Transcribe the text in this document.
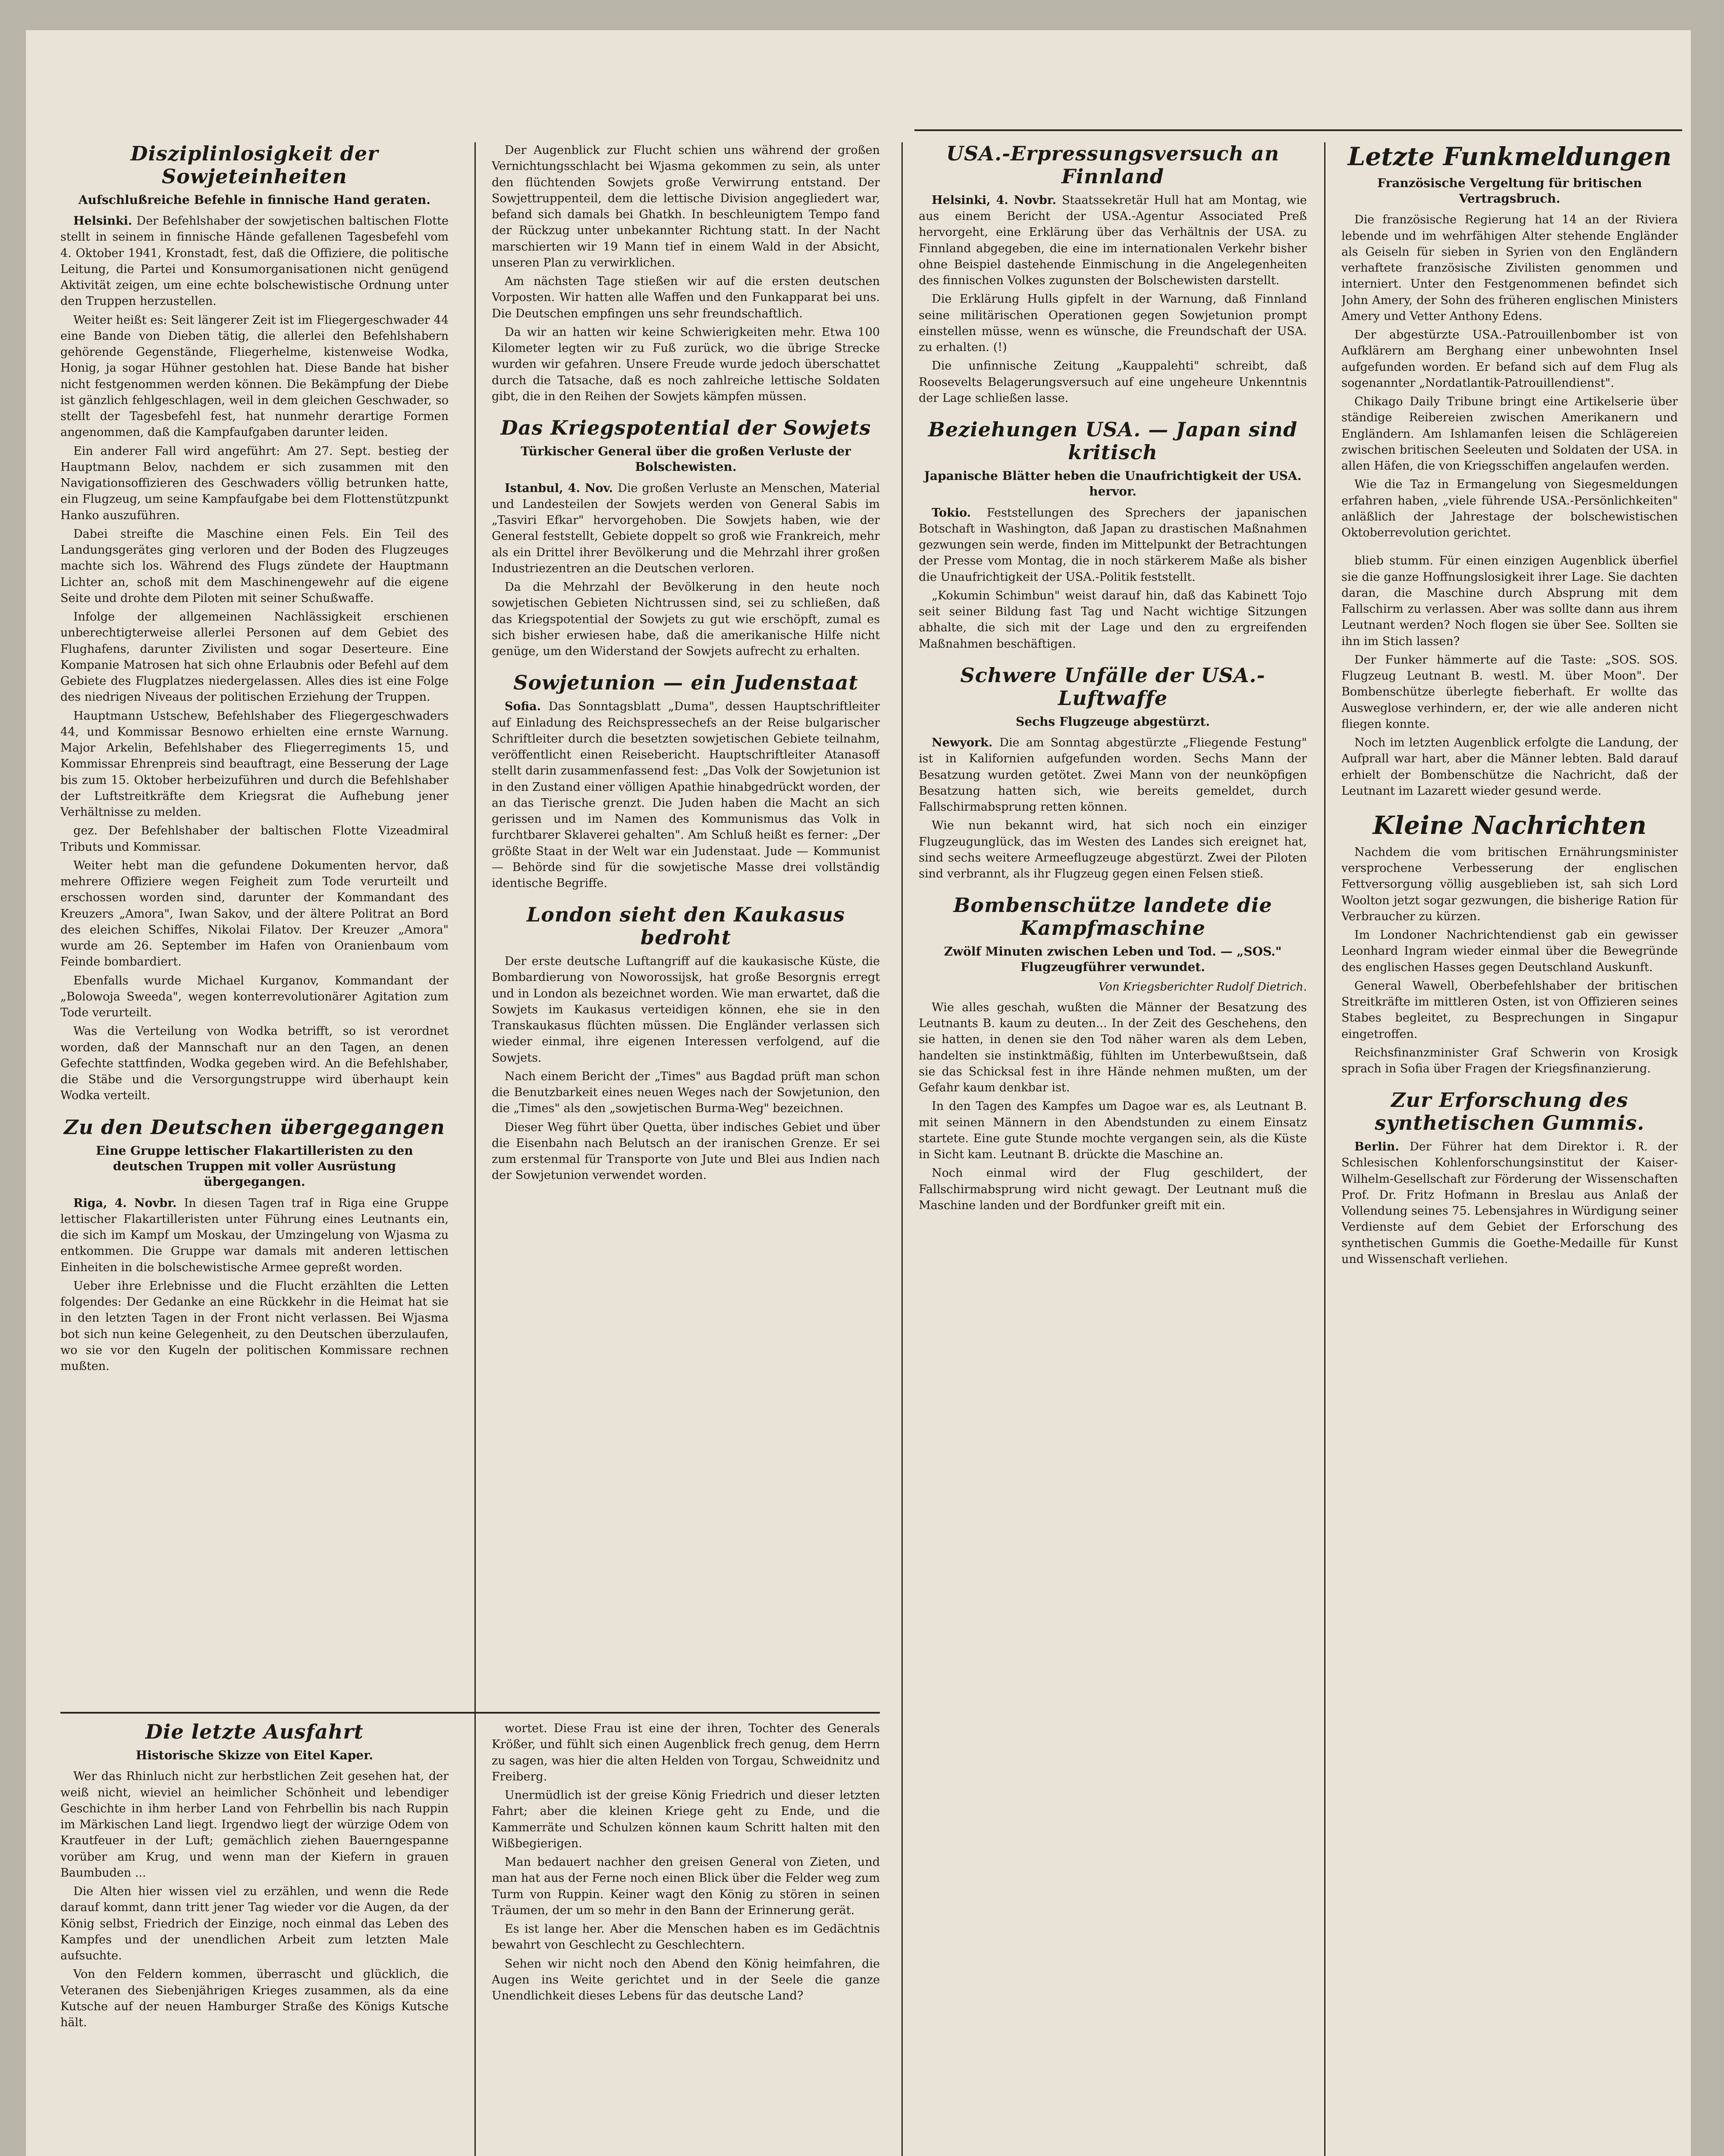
Disziplinlosigkeit der Sowjeteinheiten
Aufschlußreiche Befehle in finnische Hand geraten.

Helsinki. Der Befehlshaber der sowjetischen baltischen Flotte stellt in seinem in finnische Hände gefallenen Tagesbefehl vom 4. Oktober 1941, Kronstadt, fest, daß die Offiziere, die politische Leitung, die Partei und Konsumorganisationen nicht genügend Aktivität zeigen, um eine echte bolschewistische Ordnung unter den Truppen herzustellen.

Weiter heißt es: Seit längerer Zeit ist im Fliegergeschwader 44 eine Bande von Dieben tätig, die allerlei den Befehlshabern gehörende Gegenstände, Fliegerhelme, kistenweise Wodka, Honig, ja sogar Hühner gestohlen hat. Diese Bande hat bisher nicht festgenommen werden können. Die Bekämpfung der Diebe ist gänzlich fehlgeschlagen, weil in dem gleichen Geschwader, so stellt der Tagesbefehl fest, hat nunmehr derartige Formen angenommen, daß die Kampfaufgaben darunter leiden.

Ein anderer Fall wird angeführt: Am 27. Sept. bestieg der Hauptmann Belov, nachdem er sich zusammen mit den Navigationsoffizieren des Geschwaders völlig betrunken hatte, ein Flugzeug, um seine Kampfaufgabe bei dem Flottenstützpunkt Hanko auszuführen.

Dabei streifte die Maschine einen Fels. Ein Teil des Landungsgerätes ging verloren und der Boden des Flugzeuges machte sich los. Während des Flugs zündete der Hauptmann Lichter an, schoß mit dem Maschinengewehr auf die eigene Seite und drohte dem Piloten mit seiner Schußwaffe.

Infolge der allgemeinen Nachlässigkeit erschienen unberechtigterweise allerlei Personen auf dem Gebiet des Flughafens, darunter Zivilisten und sogar Deserteure. Eine Kompanie Matrosen hat sich ohne Erlaubnis oder Befehl auf dem Gebiete des Flugplatzes niedergelassen. Alles dies ist eine Folge des niedrigen Niveaus der politischen Erziehung der Truppen.

Hauptmann Ustschew, Befehlshaber des Fliegergeschwaders 44, und Kommissar Besnowo erhielten eine ernste Warnung. Major Arkelin, Befehlshaber des Fliegerregiments 15, und Kommissar Ehrenpreis sind beauftragt, eine Besserung der Lage bis zum 15. Oktober herbeizuführen und durch die Befehlshaber der Luftstreitkräfte dem Kriegsrat die Aufhebung jener Verhältnisse zu melden.

gez. Der Befehlshaber der baltischen Flotte Vizeadmiral Tributs und Kommissar.

Weiter hebt man die gefundene Dokumenten hervor, daß mehrere Offiziere wegen Feigheit zum Tode verurteilt und erschossen worden sind, darunter der Kommandant des Kreuzers „Amora", Iwan Sakov, und der ältere Politrat an Bord des eleichen Schiffes, Nikolai Filatov. Der Kreuzer „Amora" wurde am 26. September im Hafen von Oranienbaum vom Feinde bombardiert.

Ebenfalls wurde Michael Kurganov, Kommandant der „Bolowoja Sweeda", wegen konterrevolutionärer Agitation zum Tode verurteilt.

Was die Verteilung von Wodka betrifft, so ist verordnet worden, daß der Mannschaft nur an den Tagen, an denen Gefechte stattfinden, Wodka gegeben wird. An die Befehlshaber, die Stäbe und die Versorgungstruppe wird überhaupt kein Wodka verteilt.

Zu den Deutschen übergegangen
Eine Gruppe lettischer Flakartilleristen zu den deutschen Truppen mit voller Ausrüstung übergegangen.

Riga, 4. Novbr. In diesen Tagen traf in Riga eine Gruppe lettischer Flakartilleristen unter Führung eines Leutnants ein, die sich im Kampf um Moskau, der Umzingelung von Wjasma zu entkommen. Die Gruppe war damals mit anderen lettischen Einheiten in die bolschewistische Armee gepreßt worden.

Ueber ihre Erlebnisse und die Flucht erzählten die Letten folgendes: Der Gedanke an eine Rückkehr in die Heimat hat sie in den letzten Tagen in der Front nicht verlassen. Bei Wjasma bot sich nun keine Gelegenheit, zu den Deutschen überzulaufen, wo sie vor den Kugeln der politischen Kommissare rechnen mußten.

Der Augenblick zur Flucht schien uns während der großen Vernichtungsschlacht bei Wjasma gekommen zu sein, als unter den flüchtenden Sowjets große Verwirrung entstand. Der Sowjettruppenteil, dem die lettische Division angegliedert war, befand sich damals bei Ghatkh. In beschleunigtem Tempo fand der Rückzug unter unbekannter Richtung statt. In der Nacht marschierten wir 19 Mann tief in einem Wald in der Absicht, unseren Plan zu verwirklichen.

Am nächsten Tage stießen wir auf die ersten deutschen Vorposten. Wir hatten alle Waffen und den Funkapparat bei uns. Die Deutschen empfingen uns sehr freundschaftlich.

Da wir an hatten wir keine Schwierigkeiten mehr. Etwa 100 Kilometer legten wir zu Fuß zurück, wo die übrige Strecke wurden wir gefahren. Unsere Freude wurde jedoch überschattet durch die Tatsache, daß es noch zahlreiche lettische Soldaten gibt, die in den Reihen der Sowjets kämpfen müssen.

Das Kriegspotential der Sowjets
Türkischer General über die großen Verluste der Bolschewisten.

Istanbul, 4. Nov. Die großen Verluste an Menschen, Material und Landesteilen der Sowjets werden von General Sabis im „Tasviri Efkar" hervorgehoben. Die Sowjets haben, wie der General feststellt, Gebiete doppelt so groß wie Frankreich, mehr als ein Drittel ihrer Bevölkerung und die Mehrzahl ihrer großen Industriezentren an die Deutschen verloren.

Da die Mehrzahl der Bevölkerung in den heute noch sowjetischen Gebieten Nichtrussen sind, sei zu schließen, daß das Kriegspotential der Sowjets zu gut wie erschöpft, zumal es sich bisher erwiesen habe, daß die amerikanische Hilfe nicht genüge, um den Widerstand der Sowjets aufrecht zu erhalten.

Sowjetunion — ein Judenstaat

Sofia. Das Sonntagsblatt „Duma", dessen Hauptschriftleiter auf Einladung des Reichspressechefs an der Reise bulgarischer Schriftleiter durch die besetzten sowjetischen Gebiete teilnahm, veröffentlicht einen Reisebericht. Hauptschriftleiter Atanasoff stellt darin zusammenfassend fest: „Das Volk der Sowjetunion ist in den Zustand einer völligen Apathie hinabgedrückt worden, der an das Tierische grenzt. Die Juden haben die Macht an sich gerissen und im Namen des Kommunismus das Volk in furchtbarer Sklaverei gehalten". Am Schluß heißt es ferner: „Der größte Staat in der Welt war ein Judenstaat. Jude — Kommunist — Behörde sind für die sowjetische Masse drei vollständig identische Begriffe.

London sieht den Kaukasus bedroht

Der erste deutsche Luftangriff auf die kaukasische Küste, die Bombardierung von Noworossijsk, hat große Besorgnis erregt und in London als bezeichnet worden. Wie man erwartet, daß die Sowjets im Kaukasus verteidigen können, ehe sie in den Transkaukasus flüchten müssen. Die Engländer verlassen sich wieder einmal, ihre eigenen Interessen verfolgend, auf die Sowjets.

Nach einem Bericht der „Times" aus Bagdad prüft man schon die Benutzbarkeit eines neuen Weges nach der Sowjetunion, den die „Times" als den „sowjetischen Burma-Weg" bezeichnen.

Dieser Weg führt über Quetta, über indisches Gebiet und über die Eisenbahn nach Belutsch an der iranischen Grenze. Er sei zum erstenmal für Transporte von Jute und Blei aus Indien nach der Sowjetunion verwendet worden.

USA.-Erpressungsversuch an Finnland

Helsinki, 4. Novbr. Staatssekretär Hull hat am Montag, wie aus einem Bericht der USA.-Agentur Associated Preß hervorgeht, eine Erklärung über das Verhältnis der USA. zu Finnland abgegeben, die eine im internationalen Verkehr bisher ohne Beispiel dastehende Einmischung in die Angelegenheiten des finnischen Volkes zugunsten der Bolschewisten darstellt.

Die Erklärung Hulls gipfelt in der Warnung, daß Finnland seine militärischen Operationen gegen Sowjetunion prompt einstellen müsse, wenn es wünsche, die Freundschaft der USA. zu erhalten. (!)

Die unfinnische Zeitung „Kauppalehti" schreibt, daß Roosevelts Belagerungsversuch auf eine ungeheure Unkenntnis der Lage schließen lasse.

Beziehungen USA. — Japan sind kritisch
Japanische Blätter heben die Unaufrichtigkeit der USA. hervor.

Tokio. Feststellungen des Sprechers der japanischen Botschaft in Washington, daß Japan zu drastischen Maßnahmen gezwungen sein werde, finden im Mittelpunkt der Betrachtungen der Presse vom Montag, die in noch stärkerem Maße als bisher die Unaufrichtigkeit der USA.-Politik feststellt.

„Kokumin Schimbun" weist darauf hin, daß das Kabinett Tojo seit seiner Bildung fast Tag und Nacht wichtige Sitzungen abhalte, die sich mit der Lage und den zu ergreifenden Maßnahmen beschäftigen.

Schwere Unfälle der USA.-Luftwaffe
Sechs Flugzeuge abgestürzt.

Newyork. Die am Sonntag abgestürzte „Fliegende Festung" ist in Kalifornien aufgefunden worden. Sechs Mann der Besatzung wurden getötet. Zwei Mann von der neunköpfigen Besatzung hatten sich, wie bereits gemeldet, durch Fallschirmabsprung retten können.

Wie nun bekannt wird, hat sich noch ein einziger Flugzeugunglück, das im Westen des Landes sich ereignet hat, sind sechs weitere Armeeflugzeuge abgestürzt. Zwei der Piloten sind verbrannt, als ihr Flugzeug gegen einen Felsen stieß.

Bombenschütze landete die Kampfmaschine
Zwölf Minuten zwischen Leben und Tod. — „SOS." Flugzeugführer verwundet.
Von Kriegsberichter Rudolf Dietrich.

Wie alles geschah, wußten die Männer der Besatzung des Leutnants B. kaum zu deuten... In der Zeit des Geschehens, den sie hatten, in denen sie den Tod näher waren als dem Leben, handelten sie instinktmäßig, fühlten im Unterbewußtsein, daß sie das Schicksal fest in ihre Hände nehmen mußten, um der Gefahr kaum denkbar ist.

In den Tagen des Kampfes um Dagoe war es, als Leutnant B. mit seinen Männern in den Abendstunden zu einem Einsatz startete. Eine gute Stunde mochte vergangen sein, als die Küste in Sicht kam. Leutnant B. drückte die Maschine an.

Noch einmal wird der Flug geschildert, der Fallschirmabsprung wird nicht gewagt. Der Leutnant muß die Maschine landen und der Bordfunker greift mit ein.

Letzte Funkmeldungen
Französische Vergeltung für britischen Vertragsbruch.

Die französische Regierung hat 14 an der Riviera lebende und im wehrfähigen Alter stehende Engländer als Geiseln für sieben in Syrien von den Engländern verhaftete französische Zivilisten genommen und interniert. Unter den Festgenommenen befindet sich John Amery, der Sohn des früheren englischen Ministers Amery und Vetter Anthony Edens.

Der abgestürzte USA.-Patrouillenbomber ist von Aufklärern am Berghang einer unbewohnten Insel aufgefunden worden. Er befand sich auf dem Flug als sogenannter „Nordatlantik-Patrouillendienst".

Chikago Daily Tribune bringt eine Artikelserie über ständige Reibereien zwischen Amerikanern und Engländern. Am Ishlamanfen leisen die Schlägereien zwischen britischen Seeleuten und Soldaten der USA. in allen Häfen, die von Kriegsschiffen angelaufen werden.

Wie die Taz in Ermangelung von Siegesmeldungen erfahren haben, „viele führende USA.-Persönlichkeiten" anläßlich der Jahrestage der bolschewistischen Oktoberrevolution gerichtet.

blieb stumm. Für einen einzigen Augenblick überfiel sie die ganze Hoffnungslosigkeit ihrer Lage. Sie dachten daran, die Maschine durch Absprung mit dem Fallschirm zu verlassen. Aber was sollte dann aus ihrem Leutnant werden? Noch flogen sie über See. Sollten sie ihn im Stich lassen?

Der Funker hämmerte auf die Taste: „SOS. SOS. Flugzeug Leutnant B. westl. M. über Moon". Der Bombenschütze überlegte fieberhaft. Er wollte das Ausweglose verhindern, er, der wie alle anderen nicht fliegen konnte.

Noch im letzten Augenblick erfolgte die Landung, der Aufprall war hart, aber die Männer lebten. Bald darauf erhielt der Bombenschütze die Nachricht, daß der Leutnant im Lazarett wieder gesund werde.

Kleine Nachrichten

Nachdem die vom britischen Ernährungsminister versprochene Verbesserung der englischen Fettversorgung völlig ausgeblieben ist, sah sich Lord Woolton jetzt sogar gezwungen, die bisherige Ration für Verbraucher zu kürzen.

Im Londoner Nachrichtendienst gab ein gewisser Leonhard Ingram wieder einmal über die Bewegründe des englischen Hasses gegen Deutschland Auskunft.

General Wawell, Oberbefehlshaber der britischen Streitkräfte im mittleren Osten, ist von Offizieren seines Stabes begleitet, zu Besprechungen in Singapur eingetroffen.

Reichsfinanzminister Graf Schwerin von Krosigk sprach in Sofia über Fragen der Kriegsfinanzierung.

Zur Erforschung des synthetischen Gummis.

Berlin. Der Führer hat dem Direktor i. R. der Schlesischen Kohlenforschungsinstitut der Kaiser-Wilhelm-Gesellschaft zur Förderung der Wissenschaften Prof. Dr. Fritz Hofmann in Breslau aus Anlaß der Vollendung seines 75. Lebensjahres in Würdigung seiner Verdienste auf dem Gebiet der Erforschung des synthetischen Gummis die Goethe-Medaille für Kunst und Wissenschaft verliehen.

Die letzte Ausfahrt
Historische Skizze von Eitel Kaper.

Wer das Rhinluch nicht zur herbstlichen Zeit gesehen hat, der weiß nicht, wieviel an heimlicher Schönheit und lebendiger Geschichte in ihm herber Land von Fehrbellin bis nach Ruppin im Märkischen Land liegt. Irgendwo liegt der würzige Odem von Krautfeuer in der Luft; gemächlich ziehen Bauerngespanne vorüber am Krug, und wenn man der Kiefern in grauen Baumbuden ...

Die Alten hier wissen viel zu erzählen, und wenn die Rede darauf kommt, dann tritt jener Tag wieder vor die Augen, da der König selbst, Friedrich der Einzige, noch einmal das Leben des Kampfes und der unendlichen Arbeit zum letzten Male aufsuchte.

Von den Feldern kommen, überrascht und glücklich, die Veteranen des Siebenjährigen Krieges zusammen, als da eine Kutsche auf der neuen Hamburger Straße des Königs Kutsche hält.

wortet. Diese Frau ist eine der ihren, Tochter des Generals Krößer, und fühlt sich einen Augenblick frech genug, dem Herrn zu sagen, was hier die alten Helden von Torgau, Schweidnitz und Freiberg.

Unermüdlich ist der greise König Friedrich und dieser letzten Fahrt; aber die kleinen Kriege geht zu Ende, und die Kammerräte und Schulzen können kaum Schritt halten mit den Wißbegierigen.

Man bedauert nachher den greisen General von Zieten, und man hat aus der Ferne noch einen Blick über die Felder weg zum Turm von Ruppin. Keiner wagt den König zu stören in seinen Träumen, der um so mehr in den Bann der Erinnerung gerät.

Es ist lange her. Aber die Menschen haben es im Gedächtnis bewahrt von Geschlecht zu Geschlechtern.

Sehen wir nicht noch den Abend den König heimfahren, die Augen ins Weite gerichtet und in der Seele die ganze Unendlichkeit dieses Lebens für das deutsche Land?
